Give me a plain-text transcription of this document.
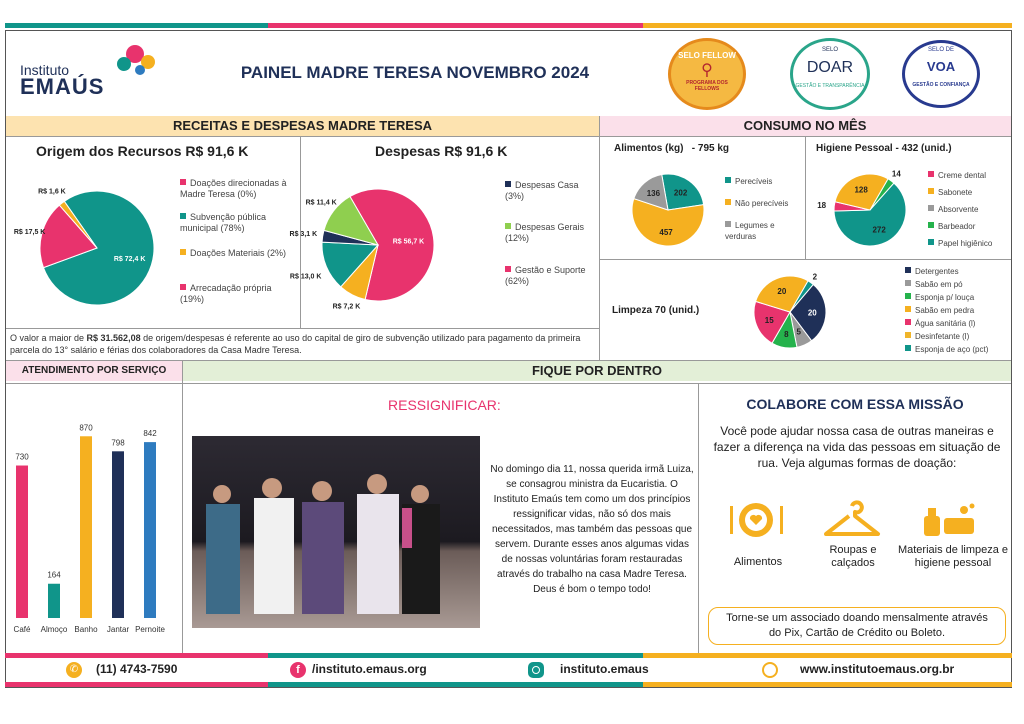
Instituto
EMAÚS
PAINEL MADRE TERESA NOVEMBRO 2024
SELO FELLOW
⚲
PROGRAMA DOS FELLOWS
SELO
DOAR
GESTÃO E TRANSPARÊNCIA
SELO DE
VOA
GESTÃO E CONFIANÇA
RECEITAS E DESPESAS MADRE TERESA	CONSUMO NO MÊS
Origem dos Recursos R$ 91,6 K
R$ 72,4 K
R$ 17,5 K
R$ 1,6 K
Doações direcionadas à Madre Teresa (0%)
Subvenção pública municipal (78%)
Doações Materiais (2%)
Arrecadação própria (19%)
Despesas R$ 91,6 K
R$ 56,7 K
R$ 7,2 K
R$ 13,0 K
R$ 3,1 K
R$ 11,4 K
Despesas Casa (3%)
Despesas Gerais (12%)
Gestão e Suporte (62%)
O valor a maior de R$ 31.562,08 de origem/despesas é referente ao uso do capital de giro de subvenção utilizado para pagamento da primeira parcela do 13° salário e férias dos colaboradores da Casa Madre Teresa.
Alimentos (kg) - 795 kg
202
457
136
Perecíveis
Não perecíveis
Legumes e verduras
Higiene Pessoal - 432 (unid.)
14
272
18
128
Creme dental
Sabonete
Absorvente
Barbeador
Papel higiênico
Limpeza 70 (unid.)
2
20
5
8
15
20
Detergentes
Sabão em pó
Esponja p/ louça
Sabão em pedra
Água sanitária (l)
Desinfetante (l)
Esponja de aço (pct)
ATENDIMENTO POR SERVIÇO
730
Café
164
Almoço
870
Banho
798
Jantar
842
Pernoite
FIQUE POR DENTRO
RESSIGNIFICAR:
No domingo dia 11, nossa querida irmã Luiza, se consagrou ministra da Eucaristia. O Instituto Emaús tem como um dos princípios ressignificar vidas, não só dos mais necessitados, mas também das pessoas que servem. Durante esses anos algumas vidas de nossas voluntárias foram restauradas através do trabalho na casa Madre Teresa. Deus é bom o tempo todo!
COLABORE COM ESSA MISSÃO
Você pode ajudar nossa casa de outras maneiras e fazer a diferença na vida das pessoas em situação de rua. Veja algumas formas de doação:
Alimentos
Roupas e calçados
Materiais de limpeza e higiene pessoal
Torne-se um associado doando mensalmente através do Pix, Cartão de Crédito ou Boleto.
✆	(11) 4743-7590	f	/instituto.emaus.org	instituto.emaus	www.institutoemaus.org.br
